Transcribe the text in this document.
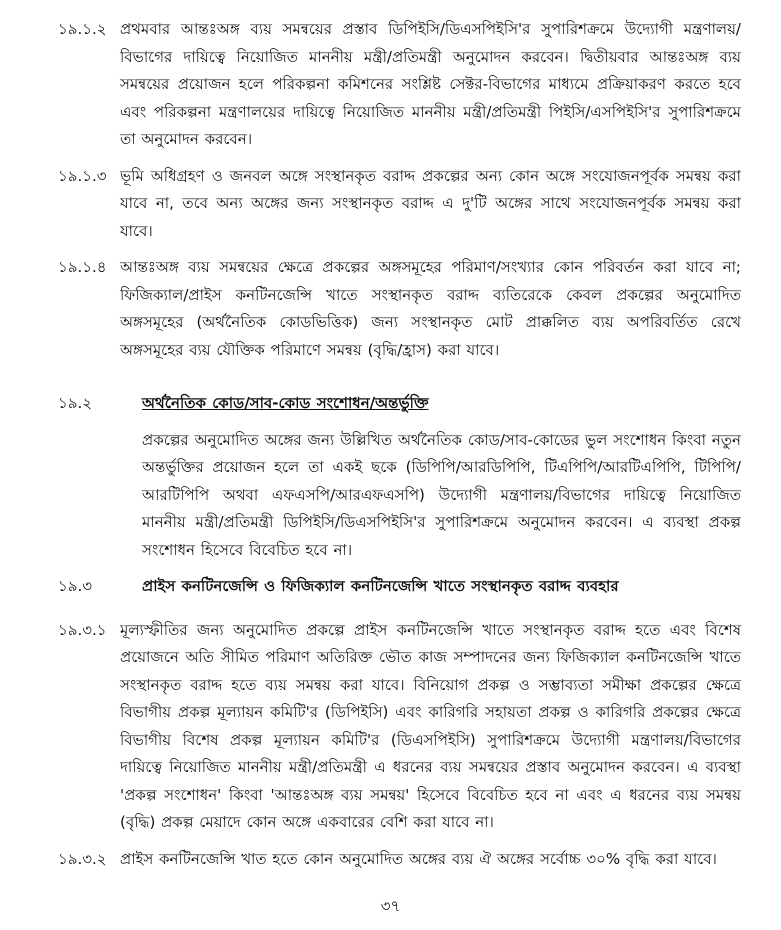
১৯.১.২ প্রথমবার আন্তঃঅঙ্গ ব্যয় সমন্বয়ের প্রস্তাব ডিপিইসি/ডিএসপিইসি'র সুপারিশক্রমে উদ্যোগী মন্ত্রণালয়/বিভাগের দায়িত্বে নিয়োজিত মাননীয় মন্ত্রী/প্রতিমন্ত্রী অনুমোদন করবেন। দ্বিতীয়বার আন্তঃঅঙ্গ ব্যয় সমন্বয়ের প্রয়োজন হলে পরিকল্পনা কমিশনের সংশ্লিষ্ট সেক্টর-বিভাগের মাধ্যমে প্রক্রিয়াকরণ করতে হবে এবং পরিকল্পনা মন্ত্রণালয়ের দায়িত্বে নিয়োজিত মাননীয় মন্ত্রী/প্রতিমন্ত্রী পিইসি/এসপিইসি'র সুপারিশক্রমে তা অনুমোদন করবেন।
১৯.১.৩ ভূমি অধিগ্রহণ ও জনবল অঙ্গে সংস্থানকৃত বরাদ্দ প্রকল্পের অন্য কোন অঙ্গে সংযোজনপূর্বক সমন্বয় করা যাবে না, তবে অন্য অঙ্গের জন্য সংস্থানকৃত বরাদ্দ এ দু'টি অঙ্গের সাথে সংযোজনপূর্বক সমন্বয় করা যাবে।
১৯.১.৪ আন্তঃঅঙ্গ ব্যয় সমন্বয়ের ক্ষেত্রে প্রকল্পের অঙ্গসমূহের পরিমাণ/সংখ্যার কোন পরিবর্তন করা যাবে না; ফিজিক্যাল/প্রাইস কনটিনজেন্সি খাতে সংস্থানকৃত বরাদ্দ ব্যতিরেকে কেবল প্রকল্পের অনুমোদিত অঙ্গসমূহের (অর্থনৈতিক কোডভিত্তিক) জন্য সংস্থানকৃত মোট প্রাক্কলিত ব্যয় অপরিবর্তিত রেখে অঙ্গসমূহের ব্যয় যৌক্তিক পরিমাণে সমন্বয় (বৃদ্ধি/হ্রাস) করা যাবে।
১৯.২	অর্থনৈতিক কোড/সাব-কোড সংশোধন/অন্তর্ভুক্তি
প্রকল্পের অনুমোদিত অঙ্গের জন্য উল্লিখিত অর্থনৈতিক কোড/সাব-কোডের ভুল সংশোধন কিংবা নতুন অন্তর্ভুক্তির প্রয়োজন হলে তা একই ছকে (ডিপিপি/আরডিপিপি, টিএপিপি/আরটিএপিপি, টিপিপি/আরটিপিপি অথবা এফএসপি/আরএফএসপি) উদ্যোগী মন্ত্রণালয়/বিভাগের দায়িত্বে নিয়োজিত মাননীয় মন্ত্রী/প্রতিমন্ত্রী ডিপিইসি/ডিএসপিইসি'র সুপারিশক্রমে অনুমোদন করবেন। এ ব্যবস্থা প্রকল্প সংশোধন হিসেবে বিবেচিত হবে না।
১৯.৩	প্রাইস কনটিনজেন্সি ও ফিজিক্যাল কনটিনজেন্সি খাতে সংস্থানকৃত বরাদ্দ ব্যবহার
১৯.৩.১ মূল্যস্ফীতির জন্য অনুমোদিত প্রকল্পে প্রাইস কনটিনজেন্সি খাতে সংস্থানকৃত বরাদ্দ হতে এবং বিশেষ প্রয়োজনে অতি সীমিত পরিমাণ অতিরিক্ত ভৌত কাজ সম্পাদনের জন্য ফিজিক্যাল কনটিনজেন্সি খাতে সংস্থানকৃত বরাদ্দ হতে ব্যয় সমন্বয় করা যাবে। বিনিয়োগ প্রকল্প ও সম্ভাব্যতা সমীক্ষা প্রকল্পের ক্ষেত্রে বিভাগীয় প্রকল্প মূল্যায়ন কমিটি'র (ডিপিইসি) এবং কারিগরি সহায়তা প্রকল্প ও কারিগরি প্রকল্পের ক্ষেত্রে বিভাগীয় বিশেষ প্রকল্প মূল্যায়ন কমিটি'র (ডিএসপিইসি) সুপারিশক্রমে উদ্যোগী মন্ত্রণালয়/বিভাগের দায়িত্বে নিয়োজিত মাননীয় মন্ত্রী/প্রতিমন্ত্রী এ ধরনের ব্যয় সমন্বয়ের প্রস্তাব অনুমোদন করবেন। এ ব্যবস্থা 'প্রকল্প সংশোধন' কিংবা 'আন্তঃঅঙ্গ ব্যয় সমন্বয়' হিসেবে বিবেচিত হবে না এবং এ ধরনের ব্যয় সমন্বয় (বৃদ্ধি) প্রকল্প মেয়াদে কোন অঙ্গে একবারের বেশি করা যাবে না।
১৯.৩.২ প্রাইস কনটিনজেন্সি খাত হতে কোন অনুমোদিত অঙ্গের ব্যয় ঐ অঙ্গের সর্বোচ্চ ৩০% বৃদ্ধি করা যাবে।
৩৭
